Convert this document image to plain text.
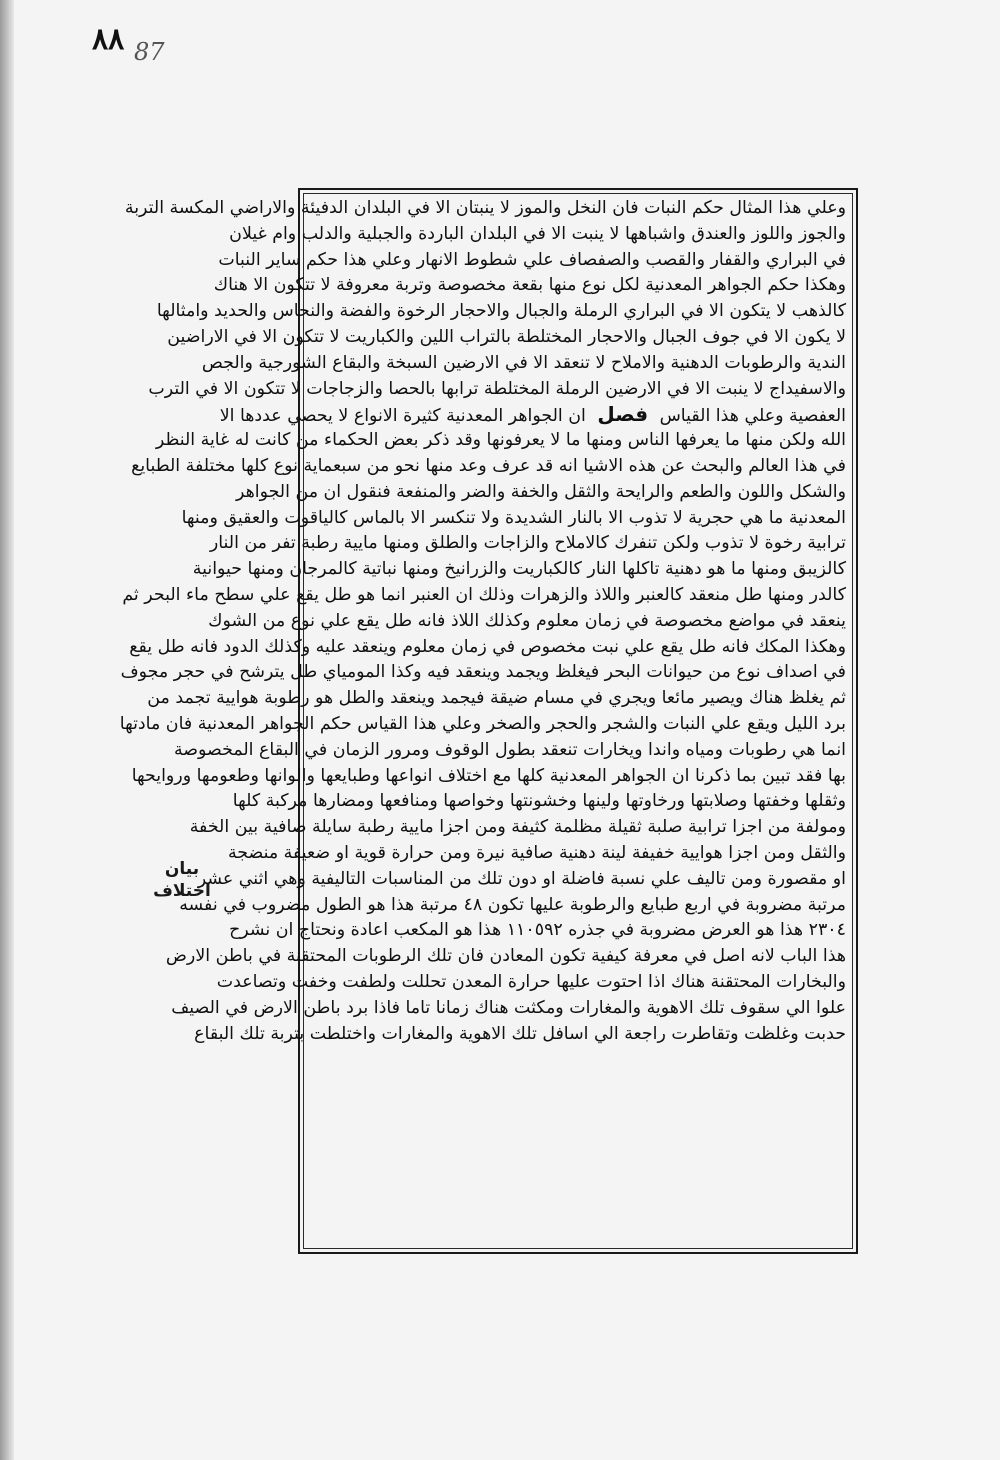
٨٨ 87
بيان اختلاف
وعلي هذا المثال حكم النبات فان النخل والموز لا ينبتان الا في البلدان الدفيئة والاراضي المكسة التربة
والجوز واللوز والعندق واشباهها لا ينبت الا في البلدان الباردة والجبلية والدلب وام غيلان
في البراري والقفار والقصب والصفصاف علي شطوط الانهار وعلي هذا حكم ساير النبات
وهكذا حكم الجواهر المعدنية لكل نوع منها بقعة مخصوصة وتربة معروفة لا تتكون الا هناك
كالذهب لا يتكون الا في البراري الرملة والجبال والاحجار الرخوة والفضة والنحاس والحديد وامثالها
لا يكون الا في جوف الجبال والاحجار المختلطة بالتراب اللين والكباريت لا تتكون الا في الاراضين
الندية والرطوبات الدهنية والاملاح لا تنعقد الا في الارضين السبخة والبقاع الشورجية والجص
والاسفيداج لا ينبت الا في الارضين الرملة المختلطة ترابها بالحصا والزجاجات لا تتكون الا في الترب
العفصية وعلي هذا القياس فصل ان الجواهر المعدنية كثيرة الانواع لا يحصي عددها الا
الله ولكن منها ما يعرفها الناس ومنها ما لا يعرفونها وقد ذكر بعض الحكماء من كانت له غاية النظر
في هذا العالم والبحث عن هذه الاشيا انه قد عرف وعد منها نحو من سبعماية نوع كلها مختلفة الطبايع
والشكل واللون والطعم والرايحة والثقل والخفة والضر والمنفعة فنقول ان من الجواهر
المعدنية ما هي حجرية لا تذوب الا بالنار الشديدة ولا تنكسر الا بالماس كالياقوت والعقيق ومنها
ترابية رخوة لا تذوب ولكن تنفرك كالاملاح والزاجات والطلق ومنها مايية رطبة تفر من النار
كالزيبق ومنها ما هو دهنية تاكلها النار كالكباريت والزرانيخ ومنها نباتية كالمرجان ومنها حيوانية
كالدر ومنها طل منعقد كالعنبر واللاذ والزهرات وذلك ان العنبر انما هو طل يقع علي سطح ماء البحر ثم
ينعقد في مواضع مخصوصة في زمان معلوم وكذلك اللاذ فانه طل يقع علي نوع من الشوك
وهكذا المكك فانه طل يقع علي نبت مخصوص في زمان معلوم وينعقد عليه وكذلك الدود فانه طل يقع
في اصداف نوع من حيوانات البحر فيغلظ ويجمد وينعقد فيه وكذا المومياي طل يترشح في حجر مجوف
ثم يغلظ هناك ويصير مائعا ويجري في مسام ضيقة فيجمد وينعقد والطل هو رطوبة هوايية تجمد من
برد الليل ويقع علي النبات والشجر والحجر والصخر وعلي هذا القياس حكم الجواهر المعدنية فان مادتها
انما هي رطوبات ومياه واندا ويخارات تنعقد بطول الوقوف ومرور الزمان في البقاع المخصوصة
بها فقد تبين بما ذكرنا ان الجواهر المعدنية كلها مع اختلاف انواعها وطبايعها والوانها وطعومها وروايحها
وثقلها وخفتها وصلابتها ورخاوتها ولينها وخشونتها وخواصها ومنافعها ومضارها مركبة كلها
ومولفة من اجزا ترابية صلبة ثقيلة مظلمة كثيفة ومن اجزا مايية رطبة سايلة صافية بين الخفة
والثقل ومن اجزا هوايية خفيفة لينة دهنية صافية نيرة ومن حرارة قوية او ضعيفة منضجة
او مقصورة ومن تاليف علي نسبة فاضلة او دون تلك من المناسبات التاليفية وهي اثني عشر
مرتبة مضروبة في اربع طبايع والرطوبة عليها تكون ٤٨ مرتبة هذا هو الطول مضروب في نفسه
٢٣٠٤ هذا هو العرض مضروبة في جذره ١١٠٥٩٢ هذا هو المكعب اعادة ونحتاج ان نشرح
هذا الباب لانه اصل في معرفة كيفية تكون المعادن فان تلك الرطوبات المحتقنة في باطن الارض
والبخارات المحتقنة هناك اذا احتوت عليها حرارة المعدن تحللت ولطفت وخفت وتصاعدت
علوا الي سقوف تلك الاهوية والمغارات ومكثت هناك زمانا تاما فاذا برد باطن الارض في الصيف
حدبت وغلظت وتقاطرت راجعة الي اسافل تلك الاهوية والمغارات واختلطت بتربة تلك البقاع
